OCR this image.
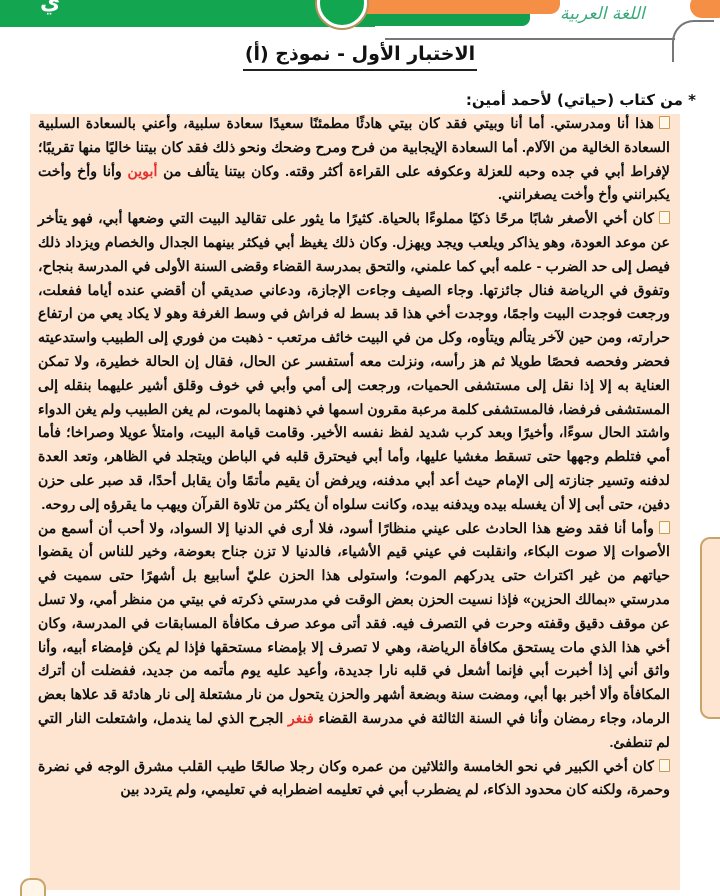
ي	اللغة العربية
الاختبار الأول - نموذج (أ)
* من كتاب (حياتي) لأحمد أمين:

هذا أنا ومدرستي. أما أنا وبيتي فقد كان بيتي هادئًا مطمئنًا سعيدًا سعادة سلبية، وأعني بالسعادة السلبية السعادة الخالية من الآلام. أما السعادة الإيجابية من فرح ومرح وضحك ونحو ذلك فقد كان بيتنا خاليًا منها تقريبًا؛ لإفراط أبي في جده وحبه للعزلة وعكوفه على القراءة أكثر وقته. وكان بيتنا يتألف من أبوين وأنا وأخ وأخت يكبرانني وأخ وأخت يصغرانني.

كان أخي الأصغر شابًا مرحًا ذكيًا مملوءًا بالحياة. كثيرًا ما يثور على تقاليد البيت التي وضعها أبي، فهو يتأخر عن موعد العودة، وهو يذاكر ويلعب ويجد ويهزل. وكان ذلك يغيظ أبي فيكثر بينهما الجدال والخصام ويزداد ذلك فيصل إلى حد الضرب - علمه أبي كما علمني، والتحق بمدرسة القضاء وقضى السنة الأولى في المدرسة بنجاح، وتفوق في الرياضة فنال جائزتها. وجاء الصيف وجاءت الإجازة، ودعاني صديقي أن أقضي عنده أياما ففعلت، ورجعت فوجدت البيت واجمًا، ووجدت أخي هذا قد بسط له فراش في وسط الغرفة وهو لا يكاد يعي من ارتفاع حرارته، ومن حين لآخر يتألم ويتأوه، وكل من في البيت خائف مرتعب - ذهبت من فوري إلى الطبيب واستدعيته فحضر وفحصه فحصًا طويلا ثم هز رأسه، ونزلت معه أستفسر عن الحال، فقال إن الحالة خطيرة، ولا تمكن العناية به إلا إذا نقل إلى مستشفى الحميات، ورجعت إلى أمي وأبي في خوف وقلق أشير عليهما بنقله إلى المستشفى فرفضا، فالمستشفى كلمة مرعبة مقرون اسمها في ذهنهما بالموت، لم يغن الطبيب ولم يغن الدواء واشتد الحال سوءًا، وأخيرًا وبعد كرب شديد لفظ نفسه الأخير. وقامت قيامة البيت، وامتلأ عويلا وصراخا؛ فأما أمي فتلطم وجهها حتى تسقط مغشيا عليها، وأما أبي فيحترق قلبه في الباطن ويتجلد في الظاهر، وتعد العدة لدفنه وتسير جنازته إلى الإمام حيث أعد أبي مدفنه، ويرفض أن يقيم مأتمًا وأن يقابل أحدًا، قد صبر على حزن دفين، حتى أبى إلا أن يغسله بيده ويدفنه بيده، وكانت سلواه أن يكثر من تلاوة القرآن ويهب ما يقرؤه إلى روحه.

وأما أنا فقد وضع هذا الحادث على عيني منظارًا أسود، فلا أرى في الدنيا إلا السواد، ولا أحب أن أسمع من الأصوات إلا صوت البكاء، وانقلبت في عيني قيم الأشياء، فالدنيا لا تزن جناح بعوضة، وخير للناس أن يقضوا حياتهم من غير اكتراث حتى يدركهم الموت؛ واستولى هذا الحزن عليّ أسابيع بل أشهرًا حتى سميت في مدرستي «بمالك الحزين» فإذا نسيت الحزن بعض الوقت في مدرستي ذكرته في بيتي من منظر أمي، ولا تسل عن موقف دقيق وقفته وحرت في التصرف فيه. فقد أتى موعد صرف مكافأة المسابقات في المدرسة، وكان أخي هذا الذي مات يستحق مكافأة الرياضة، وهي لا تصرف إلا بإمضاء مستحقها فإذا لم يكن فإمضاء أبيه، وأنا واثق أني إذا أخبرت أبي فإنما أشعل في قلبه نارا جديدة، وأعيد عليه يوم مأتمه من جديد، ففضلت أن أترك المكافأة وألا أخبر بها أبي، ومضت سنة وبضعة أشهر والحزن يتحول من نار مشتعلة إلى نار هادئة قد علاها بعض الرماد، وجاء رمضان وأنا في السنة الثالثة في مدرسة القضاء فنغر الجرح الذي لما يندمل، واشتعلت النار التي لم تنطفئ.

كان أخي الكبير في نحو الخامسة والثلاثين من عمره وكان رجلا صالحًا طيب القلب مشرق الوجه في نضرة وحمرة، ولكنه كان محدود الذكاء، لم يضطرب أبي في تعليمه اضطرابه في تعليمي، ولم يتردد بين
